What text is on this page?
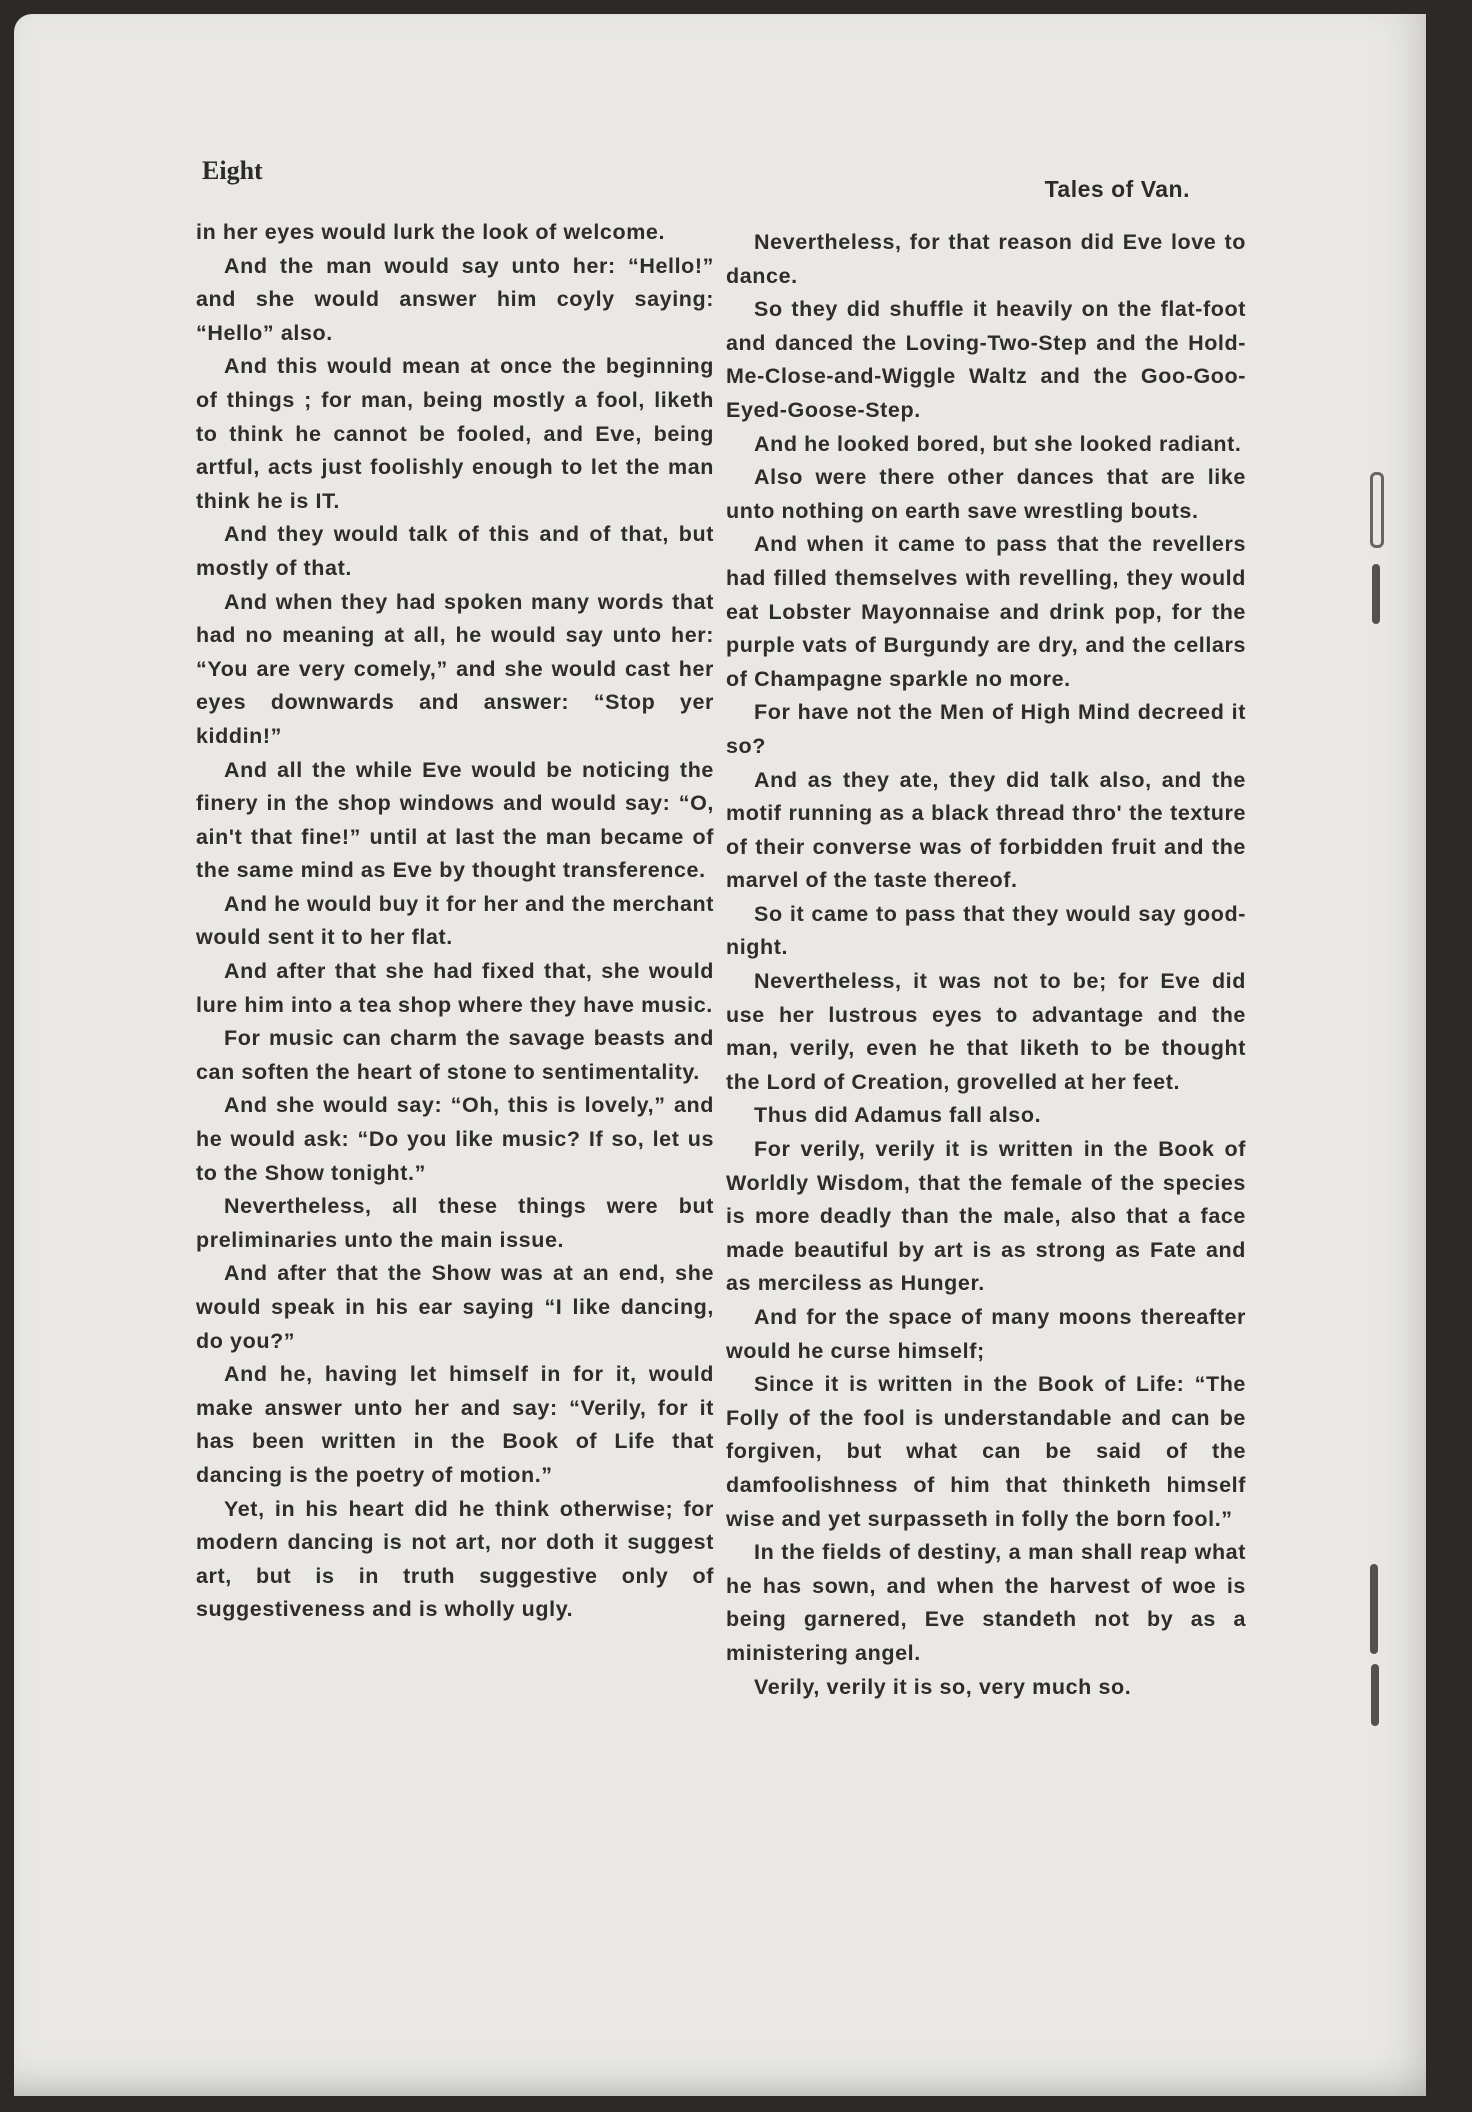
Eight
Tales of Van.

in her eyes would lurk the look of welcome.

And the man would say unto her: “Hello!” and she would answer him coyly saying: “Hello” also.

And this would mean at once the beginning of things ; for man, being mostly a fool, liketh to think he cannot be fooled, and Eve, being artful, acts just foolishly enough to let the man think he is IT.

And they would talk of this and of that, but mostly of that.

And when they had spoken many words that had no meaning at all, he would say unto her: “You are very comely,” and she would cast her eyes downwards and answer: “Stop yer kiddin!”

And all the while Eve would be noticing the finery in the shop windows and would say: “O, ain't that fine!” until at last the man became of the same mind as Eve by thought transference.

And he would buy it for her and the merchant would sent it to her flat.

And after that she had fixed that, she would lure him into a tea shop where they have music.

For music can charm the savage beasts and can soften the heart of stone to sentimentality.

And she would say: “Oh, this is lovely,” and he would ask: “Do you like music? If so, let us to the Show tonight.”

Nevertheless, all these things were but preliminaries unto the main issue.

And after that the Show was at an end, she would speak in his ear saying “I like dancing, do you?”

And he, having let himself in for it, would make answer unto her and say: “Verily, for it has been written in the Book of Life that dancing is the poetry of motion.”

Yet, in his heart did he think otherwise; for modern dancing is not art, nor doth it suggest art, but is in truth suggestive only of suggestiveness and is wholly ugly.

Nevertheless, for that reason did Eve love to dance.

So they did shuffle it heavily on the flat-foot and danced the Loving-Two-Step and the Hold-Me-Close-and-Wiggle Waltz and the Goo-Goo-Eyed-Goose-Step.

And he looked bored, but she looked radiant.

Also were there other dances that are like unto nothing on earth save wrestling bouts.

And when it came to pass that the revellers had filled themselves with revelling, they would eat Lobster Mayonnaise and drink pop, for the purple vats of Burgundy are dry, and the cellars of Champagne sparkle no more.

For have not the Men of High Mind decreed it so?

And as they ate, they did talk also, and the motif running as a black thread thro' the texture of their converse was of forbidden fruit and the marvel of the taste thereof.

So it came to pass that they would say good-night.

Nevertheless, it was not to be; for Eve did use her lustrous eyes to advantage and the man, verily, even he that liketh to be thought the Lord of Creation, grovelled at her feet.

Thus did Adamus fall also.

For verily, verily it is written in the Book of Worldly Wisdom, that the female of the species is more deadly than the male, also that a face made beautiful by art is as strong as Fate and as merciless as Hunger.

And for the space of many moons thereafter would he curse himself;

Since it is written in the Book of Life: “The Folly of the fool is understandable and can be forgiven, but what can be said of the damfoolishness of him that thinketh himself wise and yet surpasseth in folly the born fool.”

In the fields of destiny, a man shall reap what he has sown, and when the harvest of woe is being garnered, Eve standeth not by as a ministering angel.

Verily, verily it is so, very much so.
